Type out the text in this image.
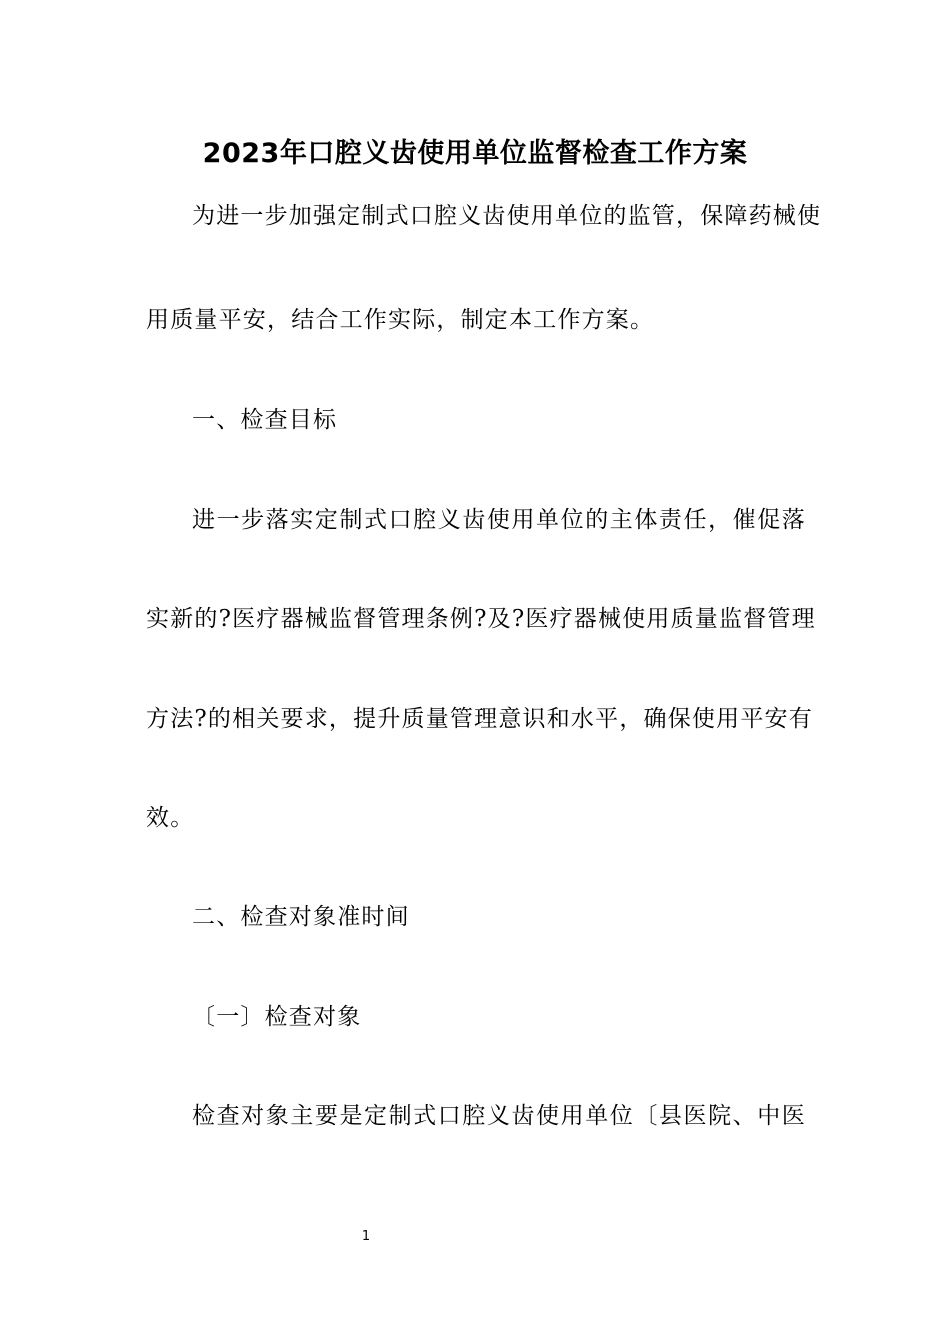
2023年口腔义齿使用单位监督检查工作方案
为进一步加强定制式口腔义齿使用单位的监管，保障药械使
用质量平安，结合工作实际，制定本工作方案。
一、检查目标
进一步落实定制式口腔义齿使用单位的主体责任，催促落
实新的?医疗器械监督管理条例?及?医疗器械使用质量监督管理
方法?的相关要求，提升质量管理意识和水平，确保使用平安有
效。
二、检查对象准时间
〔一〕检查对象
检查对象主要是定制式口腔义齿使用单位〔县医院、中医
1
